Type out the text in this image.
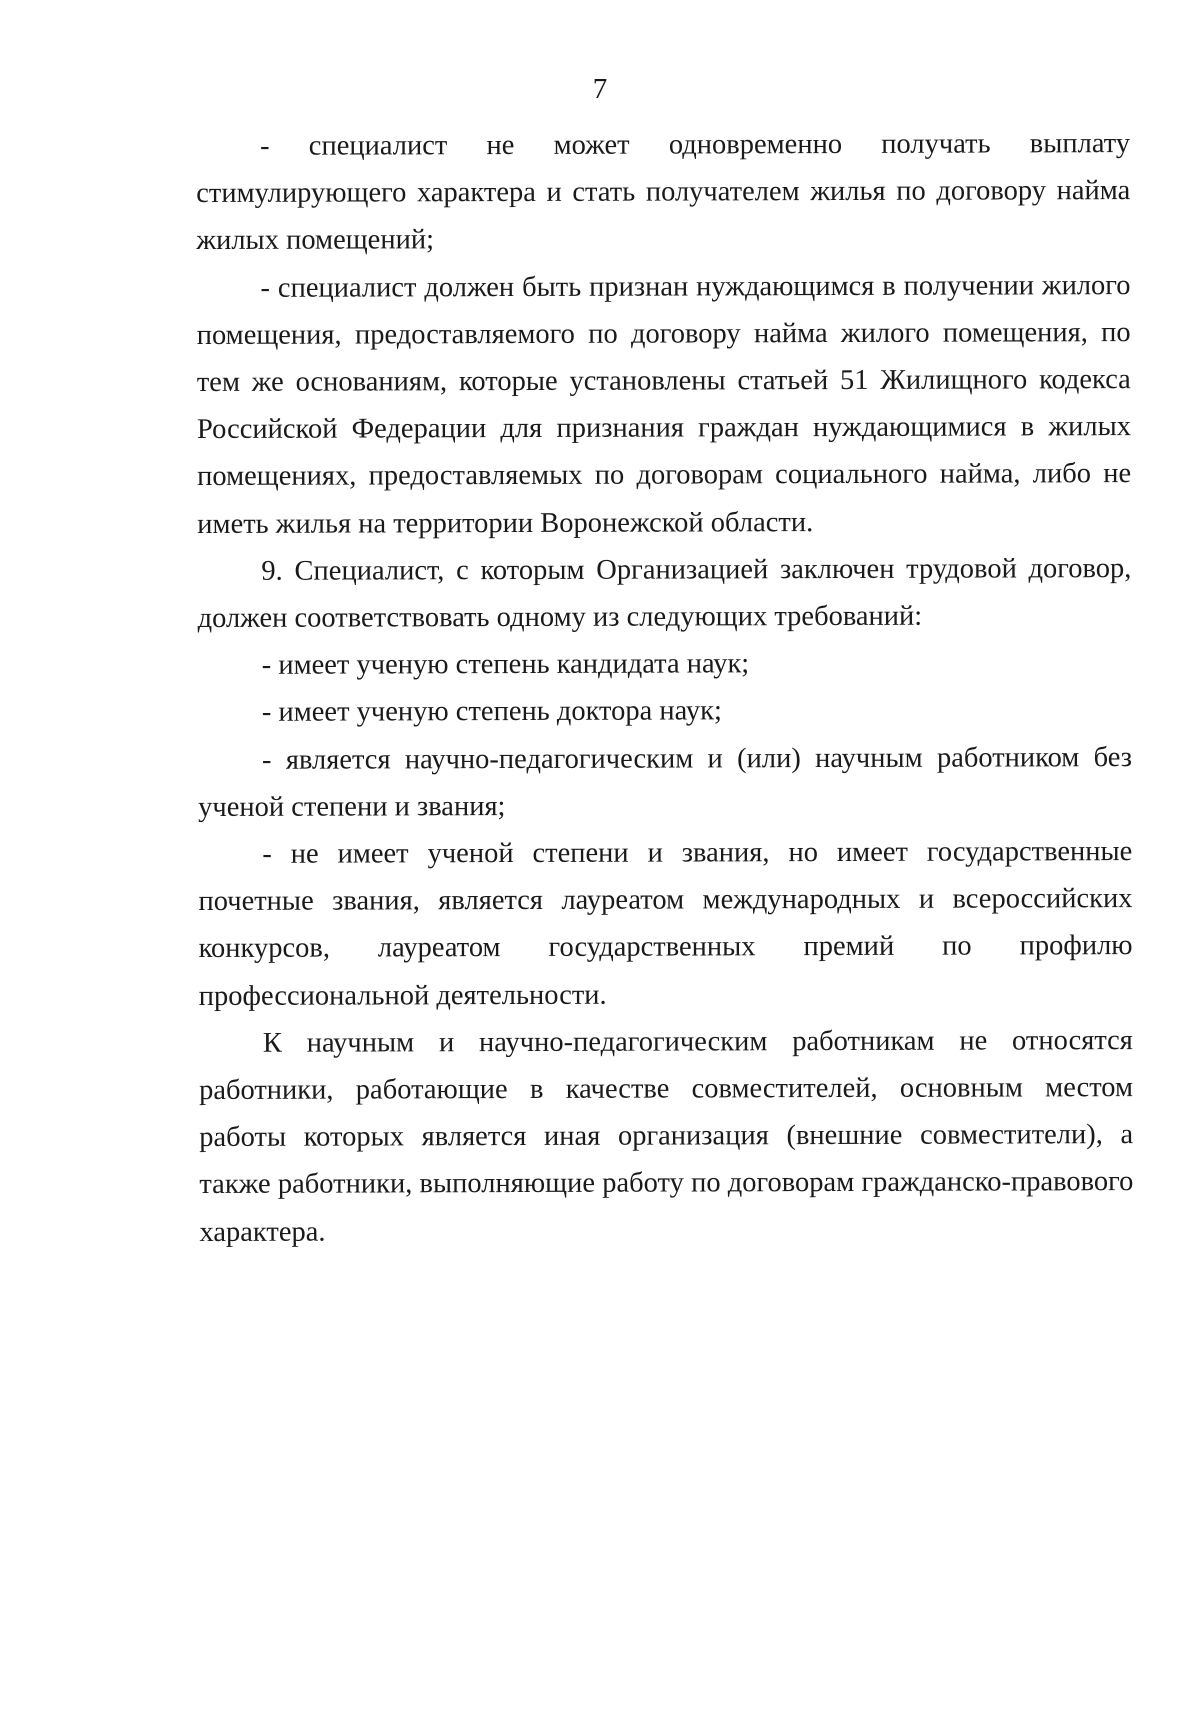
7

- специалист не может одновременно получать выплату стимулирующего характера и стать получателем жилья по договору найма жилых помещений;

- специалист должен быть признан нуждающимся в получении жилого помещения, предоставляемого по договору найма жилого помещения, по тем же основаниям, которые установлены статьей 51 Жилищного кодекса Российской Федерации для признания граждан нуждающимися в жилых помещениях, предоставляемых по договорам социального найма, либо не иметь жилья на территории Воронежской области.

9. Специалист, с которым Организацией заключен трудовой договор, должен соответствовать одному из следующих требований:

- имеет ученую степень кандидата наук;

- имеет ученую степень доктора наук;

- является научно-педагогическим и (или) научным работником без ученой степени и звания;

- не имеет ученой степени и звания, но имеет государственные почетные звания, является лауреатом международных и всероссийских конкурсов, лауреатом государственных премий по профилю профессиональной деятельности.

К научным и научно-педагогическим работникам не относятся работники, работающие в качестве совместителей, основным местом работы которых является иная организация (внешние совместители), а также работники, выполняющие работу по договорам гражданско-правового характера.
